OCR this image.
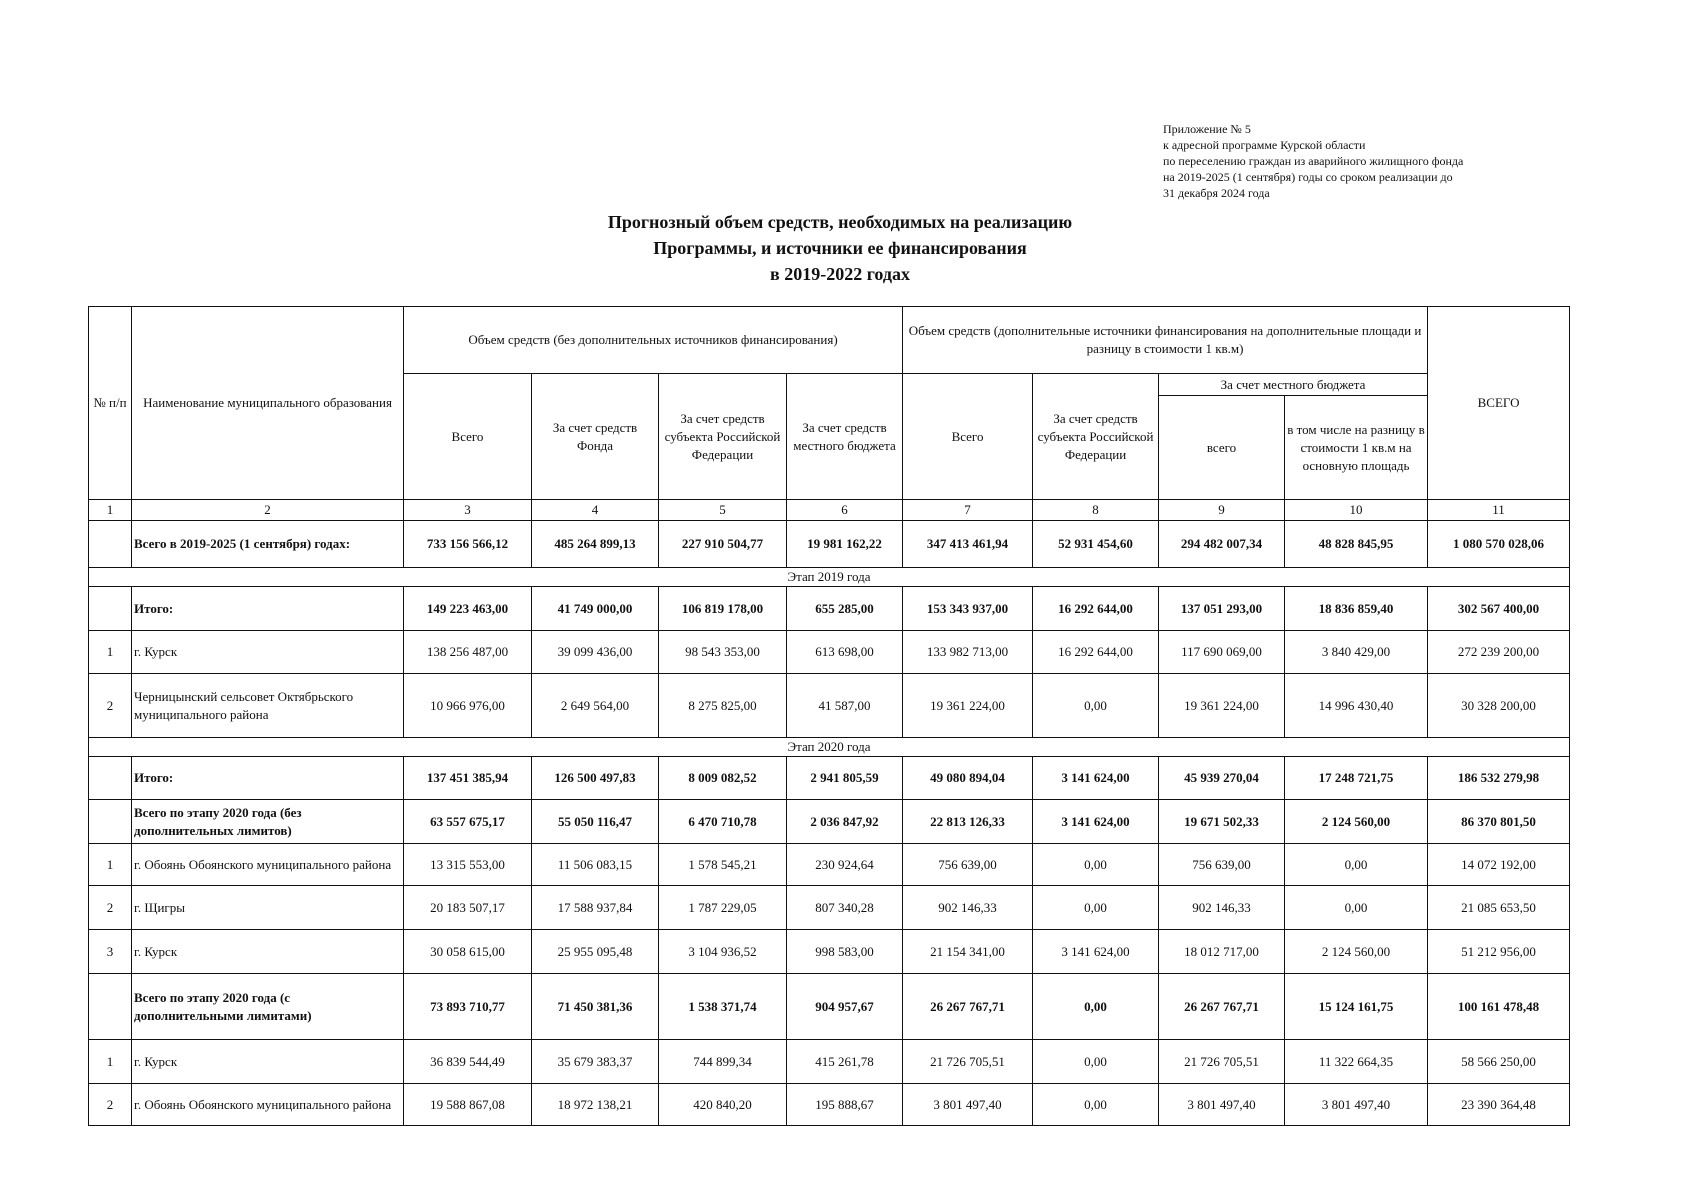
Приложение № 5
к адресной программе Курской области
по переселению граждан из аварийного жилищного фонда
на 2019-2025 (1 сентября) годы со сроком реализации до
31 декабря 2024 года
Прогнозный объем средств, необходимых на реализацию
Программы, и источники ее финансирования
в 2019-2022 годах
№ п/п	Наименование муниципального образования	Объем средств (без дополнительных источников финансирования)				Объем средств (дополнительные источники финансирования на дополнительные площади и разницу в стоимости 1 кв.м)				ВСЕГО
		Всего	За счет средств Фонда	За счет средств субъекта Российской Федерации	За счет средств местного бюджета	Всего	За счет средств субъекта Российской Федерации	За счет местного бюджета		
								всего	в том числе на разницу в стоимости 1 кв.м на основную площадь	
1	2	3	4	5	6	7	8	9	10	11
	Всего в 2019-2025 (1 сентября) годах:	733 156 566,12	485 264 899,13	227 910 504,77	19 981 162,22	347 413 461,94	52 931 454,60	294 482 007,34	48 828 845,95	1 080 570 028,06
Этап 2019 года										
	Итого:	149 223 463,00	41 749 000,00	106 819 178,00	655 285,00	153 343 937,00	16 292 644,00	137 051 293,00	18 836 859,40	302 567 400,00
1	г. Курск	138 256 487,00	39 099 436,00	98 543 353,00	613 698,00	133 982 713,00	16 292 644,00	117 690 069,00	3 840 429,00	272 239 200,00
2	Черницынский сельсовет Октябрьского муниципального района	10 966 976,00	2 649 564,00	8 275 825,00	41 587,00	19 361 224,00	0,00	19 361 224,00	14 996 430,40	30 328 200,00
Этап 2020 года										
	Итого:	137 451 385,94	126 500 497,83	8 009 082,52	2 941 805,59	49 080 894,04	3 141 624,00	45 939 270,04	17 248 721,75	186 532 279,98
	Всего по этапу 2020 года (без дополнительных лимитов)	63 557 675,17	55 050 116,47	6 470 710,78	2 036 847,92	22 813 126,33	3 141 624,00	19 671 502,33	2 124 560,00	86 370 801,50
1	г. Обоянь Обоянского муниципального района	13 315 553,00	11 506 083,15	1 578 545,21	230 924,64	756 639,00	0,00	756 639,00	0,00	14 072 192,00
2	г. Щигры	20 183 507,17	17 588 937,84	1 787 229,05	807 340,28	902 146,33	0,00	902 146,33	0,00	21 085 653,50
3	г. Курск	30 058 615,00	25 955 095,48	3 104 936,52	998 583,00	21 154 341,00	3 141 624,00	18 012 717,00	2 124 560,00	51 212 956,00
	Всего по этапу 2020 года (с дополнительными лимитами)	73 893 710,77	71 450 381,36	1 538 371,74	904 957,67	26 267 767,71	0,00	26 267 767,71	15 124 161,75	100 161 478,48
1	г. Курск	36 839 544,49	35 679 383,37	744 899,34	415 261,78	21 726 705,51	0,00	21 726 705,51	11 322 664,35	58 566 250,00
2	г. Обоянь Обоянского муниципального района	19 588 867,08	18 972 138,21	420 840,20	195 888,67	3 801 497,40	0,00	3 801 497,40	3 801 497,40	23 390 364,48
